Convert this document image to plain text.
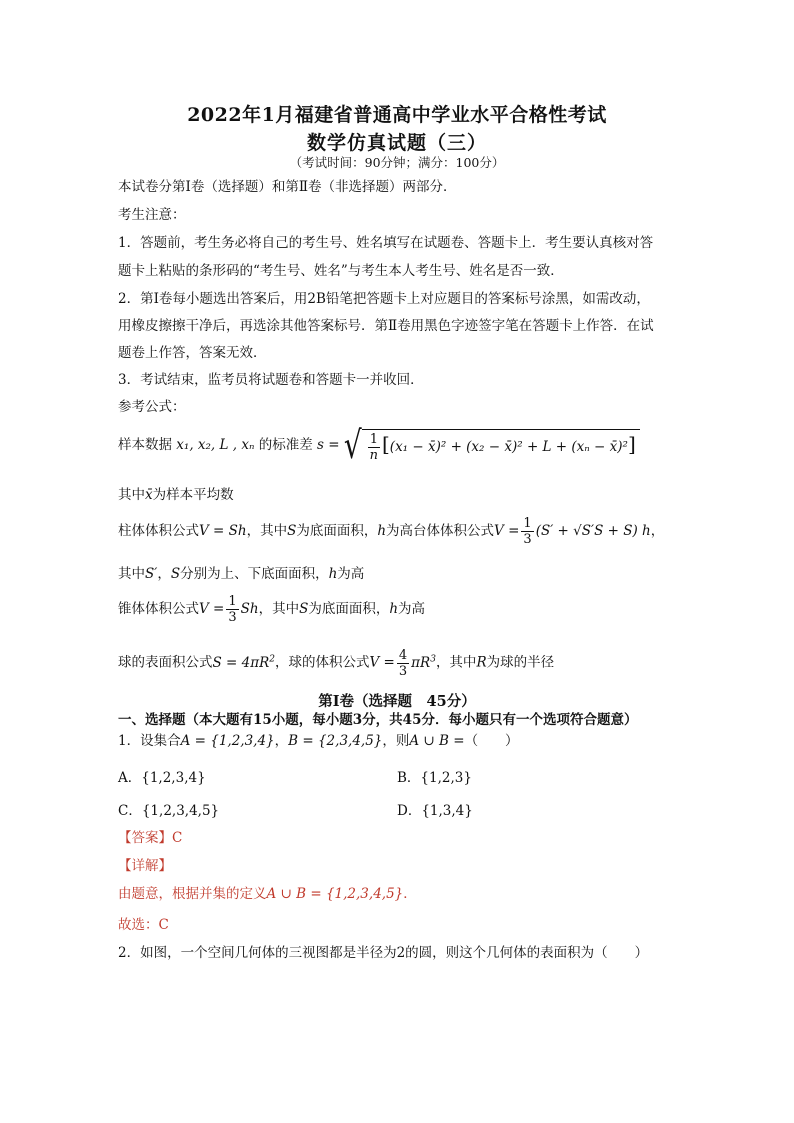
2022年1月福建省普通高中学业水平合格性考试
数学仿真试题（三）
（考试时间：90分钟；满分：100分）
本试卷分第Ⅰ卷（选择题）和第Ⅱ卷（非选择题）两部分．
考生注意：
1．答题前，考生务必将自己的考生号、姓名填写在试题卷、答题卡上．考生要认真核对答
题卡上粘贴的条形码的“考生号、姓名”与考生本人考生号、姓名是否一致．
2．第Ⅰ卷每小题选出答案后，用2B铅笔把答题卡上对应题目的答案标号涂黑，如需改动，
用橡皮擦擦干净后，再选涂其他答案标号．第Ⅱ卷用黑色字迹签字笔在答题卡上作答．在试
题卷上作答，答案无效．
3．考试结束，监考员将试题卷和答题卡一并收回．
参考公式：
样本数据 x₁, x₂, L , xₙ 的标准差 s = √ $\frac{1}{n} [(x_1$ − x̄)² + (x₂ − x̄)² + L + (xₙ − x̄)²]
其中x̄为样本平均数
柱体体积公式V = Sh，其中S为底面面积，h为高台体体积公式$V = \frac{1}{3} (S' + √S'S + S)$ h，
其中S′，S分别为上、下底面面积，h为高
锥体体积公式$V = \frac{1}{3}$ Sh，其中S为底面面积，h为高
球的表面积公式$S = 4\pi R^2$，球的体积公式$V = \frac{4}{3} \pi R^3$，其中R为球的半径
第Ⅰ卷（选择题　45分）
一、选择题（本大题有15小题，每小题3分，共45分．每小题只有一个选项符合题意）
1．设集合A = {1,2,3,4}，B = {2,3,4,5}，则A ∪ B =（　　）
A．{1,2,3,4}	B．{1,2,3}
C．{1,2,3,4,5}	D．{1,3,4}
【答案】C
【详解】
由题意，根据并集的定义A ∪ B = {1,2,3,4,5}．
故选：C
2．如图，一个空间几何体的三视图都是半径为2的圆，则这个几何体的表面积为（　　）
